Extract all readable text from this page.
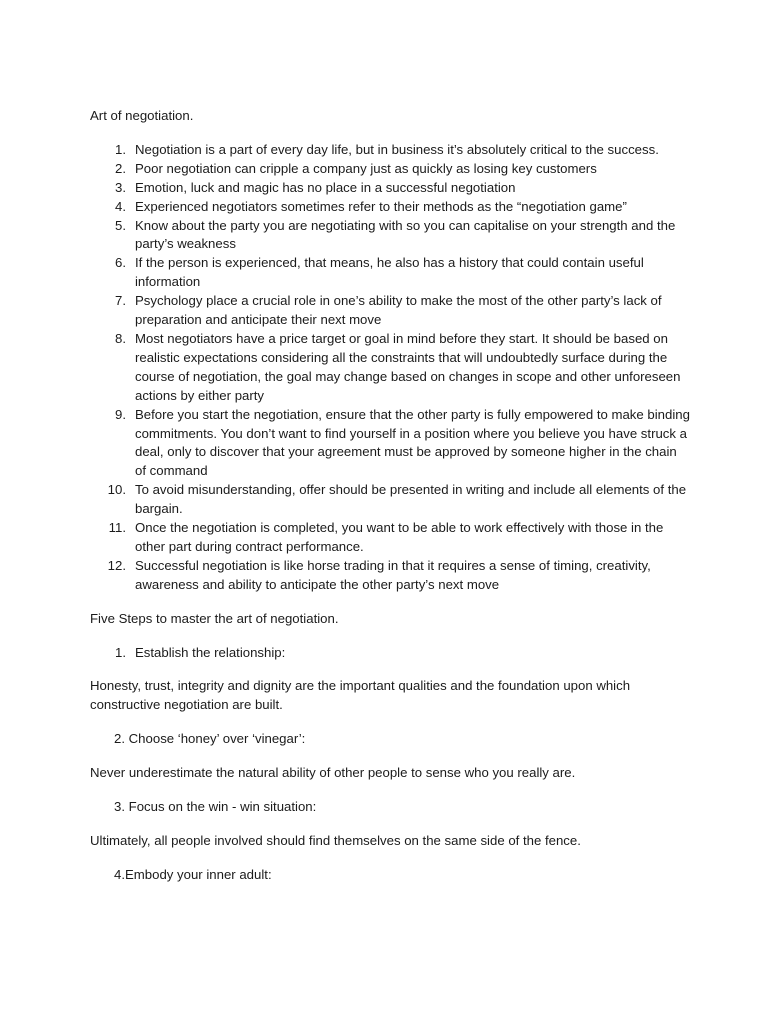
Art of negotiation.

1. Negotiation is a part of every day life, but in business it’s absolutely critical to the success.
2. Poor negotiation can cripple a company just as quickly as losing key customers
3. Emotion, luck and magic has no place in a successful negotiation
4. Experienced negotiators sometimes refer to their methods as the “negotiation game”
5. Know about the party you are negotiating with so you can capitalise on your strength and the party’s weakness
6. If the person is experienced, that means, he also has a history that could contain useful information
7. Psychology place a crucial role in one’s ability to make the most of the other party’s lack of preparation and anticipate their next move
8. Most negotiators have a price target or goal in mind before they start. It should be based on realistic expectations considering all the constraints that will undoubtedly surface during the course of negotiation, the goal may change based on changes in scope and other unforeseen actions by either party
9. Before you start the negotiation, ensure that the other party is fully empowered to make binding commitments. You don’t want to find yourself in a position where you believe you have struck a deal, only to discover that your agreement must be approved by someone higher in the chain of command
10. To avoid misunderstanding, offer should be presented in writing and include all elements of the bargain.
11. Once the negotiation is completed, you want to be able to work effectively with those in the other part during contract performance.
12. Successful negotiation is like horse trading in that it requires a sense of timing, creativity, awareness and ability to anticipate the other party’s next move

Five Steps to master the art of negotiation.

1. Establish the relationship:

Honesty, trust, integrity and dignity are the important qualities and the foundation upon which constructive negotiation are built.

2. Choose ‘honey’ over ‘vinegar’:

Never underestimate the natural ability of other people to sense who you really are.

3. Focus on the win - win situation:

Ultimately, all people involved should find themselves on the same side of the fence.

4.Embody your inner adult:
